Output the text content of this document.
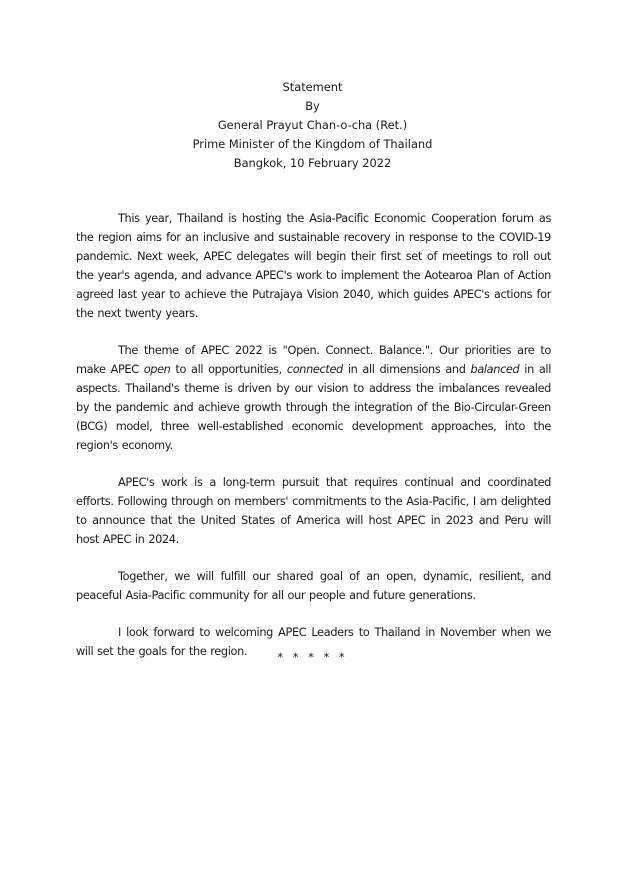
Statement
By
General Prayut Chan-o-cha (Ret.)
Prime Minister of the Kingdom of Thailand
Bangkok, 10 February 2022

This year, Thailand is hosting the Asia-Pacific Economic Cooperation forum as the region aims for an inclusive and sustainable recovery in response to the COVID-19 pandemic. Next week, APEC delegates will begin their first set of meetings to roll out the year's agenda, and advance APEC's work to implement the Aotearoa Plan of Action agreed last year to achieve the Putrajaya Vision 2040, which guides APEC's actions for the next twenty years.

The theme of APEC 2022 is "Open. Connect. Balance.". Our priorities are to make APEC open to all opportunities, connected in all dimensions and balanced in all aspects. Thailand's theme is driven by our vision to address the imbalances revealed by the pandemic and achieve growth through the integration of the Bio-Circular-Green (BCG) model, three well-established economic development approaches, into the region's economy.

APEC's work is a long-term pursuit that requires continual and coordinated efforts. Following through on members' commitments to the Asia-Pacific, I am delighted to announce that the United States of America will host APEC in 2023 and Peru will host APEC in 2024.

Together, we will fulfill our shared goal of an open, dynamic, resilient, and peaceful Asia-Pacific community for all our people and future generations.

I look forward to welcoming APEC Leaders to Thailand in November when we will set the goals for the region.	* * * * *
